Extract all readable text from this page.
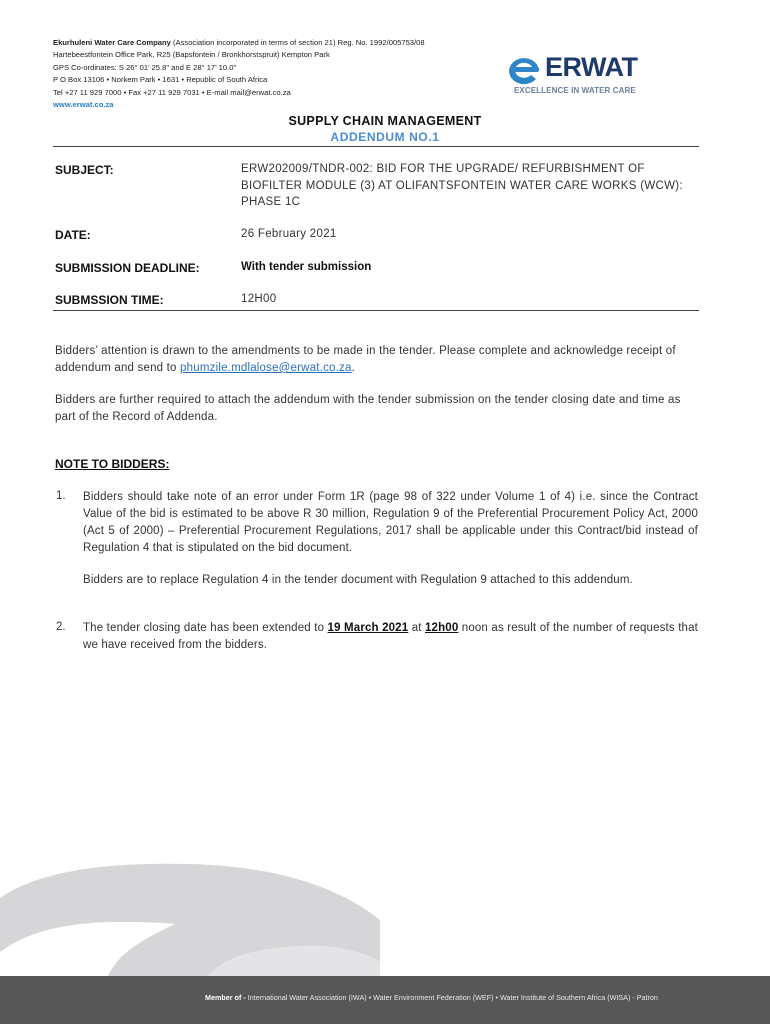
Ekurhuleni Water Care Company (Association incorporated in terms of section 21) Reg. No. 1992/005753/08
Hartebeestfontein Office Park, R25 (Bapsfontein / Bronkhorstspruit) Kempton Park
GPS Co-ordinates: S 26° 01’ 25.8" and E 28° 17’ 10.0"
P O Box 13106 • Norkem Park • 1631 • Republic of South Africa
Tel +27 11 929 7000 • Fax +27 11 929 7031 • E-mail mail@erwat.co.za
www.erwat.co.za
ERWAT
EXCELLENCE IN WATER CARE
SUPPLY CHAIN MANAGEMENT
ADDENDUM NO.1
SUBJECT:	ERW202009/TNDR-002: BID FOR THE UPGRADE/ REFURBISHMENT OF BIOFILTER MODULE (3) AT OLIFANTSFONTEIN WATER CARE WORKS (WCW): PHASE 1C
DATE:	26 February 2021
SUBMISSION DEADLINE:	With tender submission
SUBMSSION TIME:	12H00
Bidders’ attention is drawn to the amendments to be made in the tender. Please complete and acknowledge receipt of addendum and send to phumzile.mdlalose@erwat.co.za.
Bidders are further required to attach the addendum with the tender submission on the tender closing date and time as part of the Record of Addenda.
NOTE TO BIDDERS:
1. Bidders should take note of an error under Form 1R (page 98 of 322 under Volume 1 of 4) i.e. since the Contract Value of the bid is estimated to be above R 30 million, Regulation 9 of the Preferential Procurement Policy Act, 2000 (Act 5 of 2000) – Preferential Procurement Regulations, 2017 shall be applicable under this Contract/bid instead of Regulation 4 that is stipulated on the bid document.
Bidders are to replace Regulation 4 in the tender document with Regulation 9 attached to this addendum.
2. The tender closing date has been extended to 19 March 2021 at 12h00 noon as result of the number of requests that we have received from the bidders.
Member of - International Water Association (IWA) • Water Environment Federation (WEF) • Water Institute of Southern Africa (WISA) - Patron
